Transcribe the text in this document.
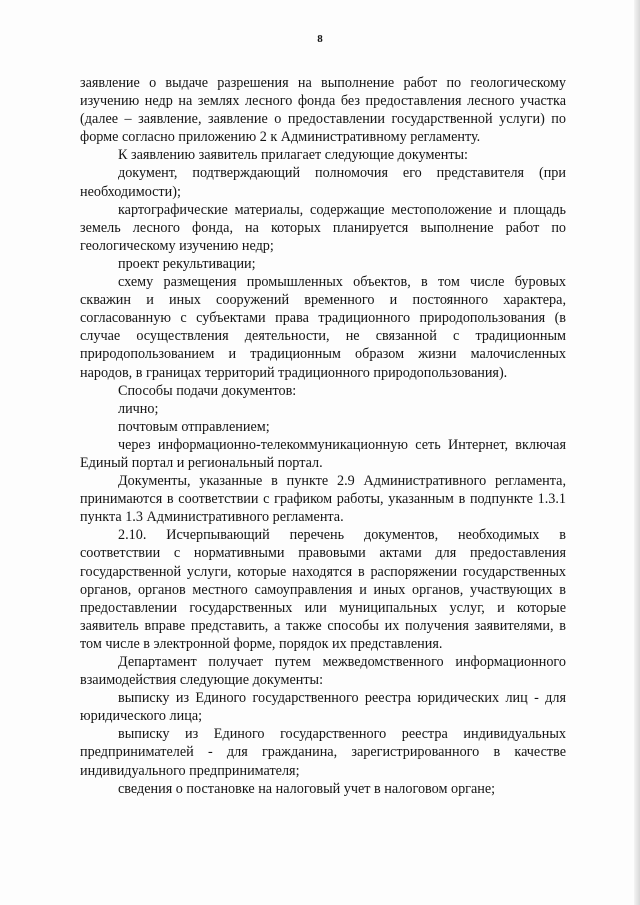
8

заявление о выдаче разрешения на выполнение работ по геологическому изучению недр на землях лесного фонда без предоставления лесного участка (далее – заявление, заявление о предоставлении государственной услуги) по форме согласно приложению 2 к Административному регламенту.

К заявлению заявитель прилагает следующие документы:

документ, подтверждающий полномочия его представителя (при необходимости);

картографические материалы, содержащие местоположение и площадь земель лесного фонда, на которых планируется выполнение работ по геологическому изучению недр;

проект рекультивации;

схему размещения промышленных объектов, в том числе буровых скважин и иных сооружений временного и постоянного характера, согласованную с субъектами права традиционного природопользования (в случае осуществления деятельности, не связанной с традиционным природопользованием и традиционным образом жизни малочисленных народов, в границах территорий традиционного природопользования).

Способы подачи документов:

лично;

почтовым отправлением;

через информационно-телекоммуникационную сеть Интернет, включая Единый портал и региональный портал.

Документы, указанные в пункте 2.9 Административного регламента, принимаются в соответствии с графиком работы, указанным в подпункте 1.3.1 пункта 1.3 Административного регламента.

2.10. Исчерпывающий перечень документов, необходимых в соответствии с нормативными правовыми актами для предоставления государственной услуги, которые находятся в распоряжении государственных органов, органов местного самоуправления и иных органов, участвующих в предоставлении государственных или муниципальных услуг, и которые заявитель вправе представить, а также способы их получения заявителями, в том числе в электронной форме, порядок их представления.

Департамент получает путем межведомственного информационного взаимодействия следующие документы:

выписку из Единого государственного реестра юридических лиц - для юридического лица;

выписку из Единого государственного реестра индивидуальных предпринимателей - для гражданина, зарегистрированного в качестве индивидуального предпринимателя;

сведения о постановке на налоговый учет в налоговом органе;
